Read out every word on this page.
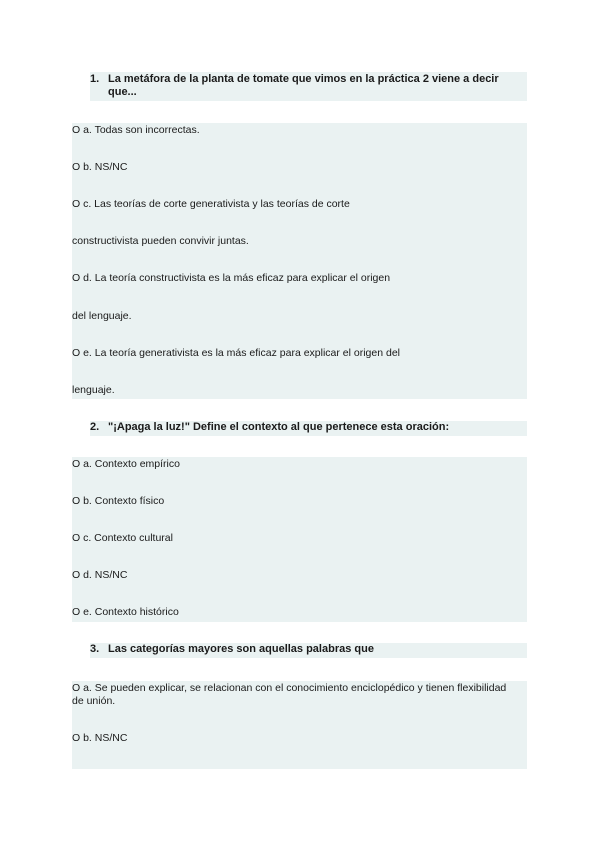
1. La metáfora de la planta de tomate que vimos en la práctica 2 viene a decir que...
O a. Todas son incorrectas.
O b. NS/NC
O c. Las teorías de corte generativista y las teorías de corte
constructivista pueden convivir juntas.
O d. La teoría constructivista es la más eficaz para explicar el origen
del lenguaje.
O e. La teoría generativista es la más eficaz para explicar el origen del
lenguaje.
2. "¡Apaga la luz!" Define el contexto al que pertenece esta oración:
O a. Contexto empírico
O b. Contexto físico
O c. Contexto cultural
O d. NS/NC
O e. Contexto histórico
3. Las categorías mayores son aquellas palabras que
O a. Se pueden explicar, se relacionan con el conocimiento enciclopédico y tienen flexibilidad de unión.
O b. NS/NC
